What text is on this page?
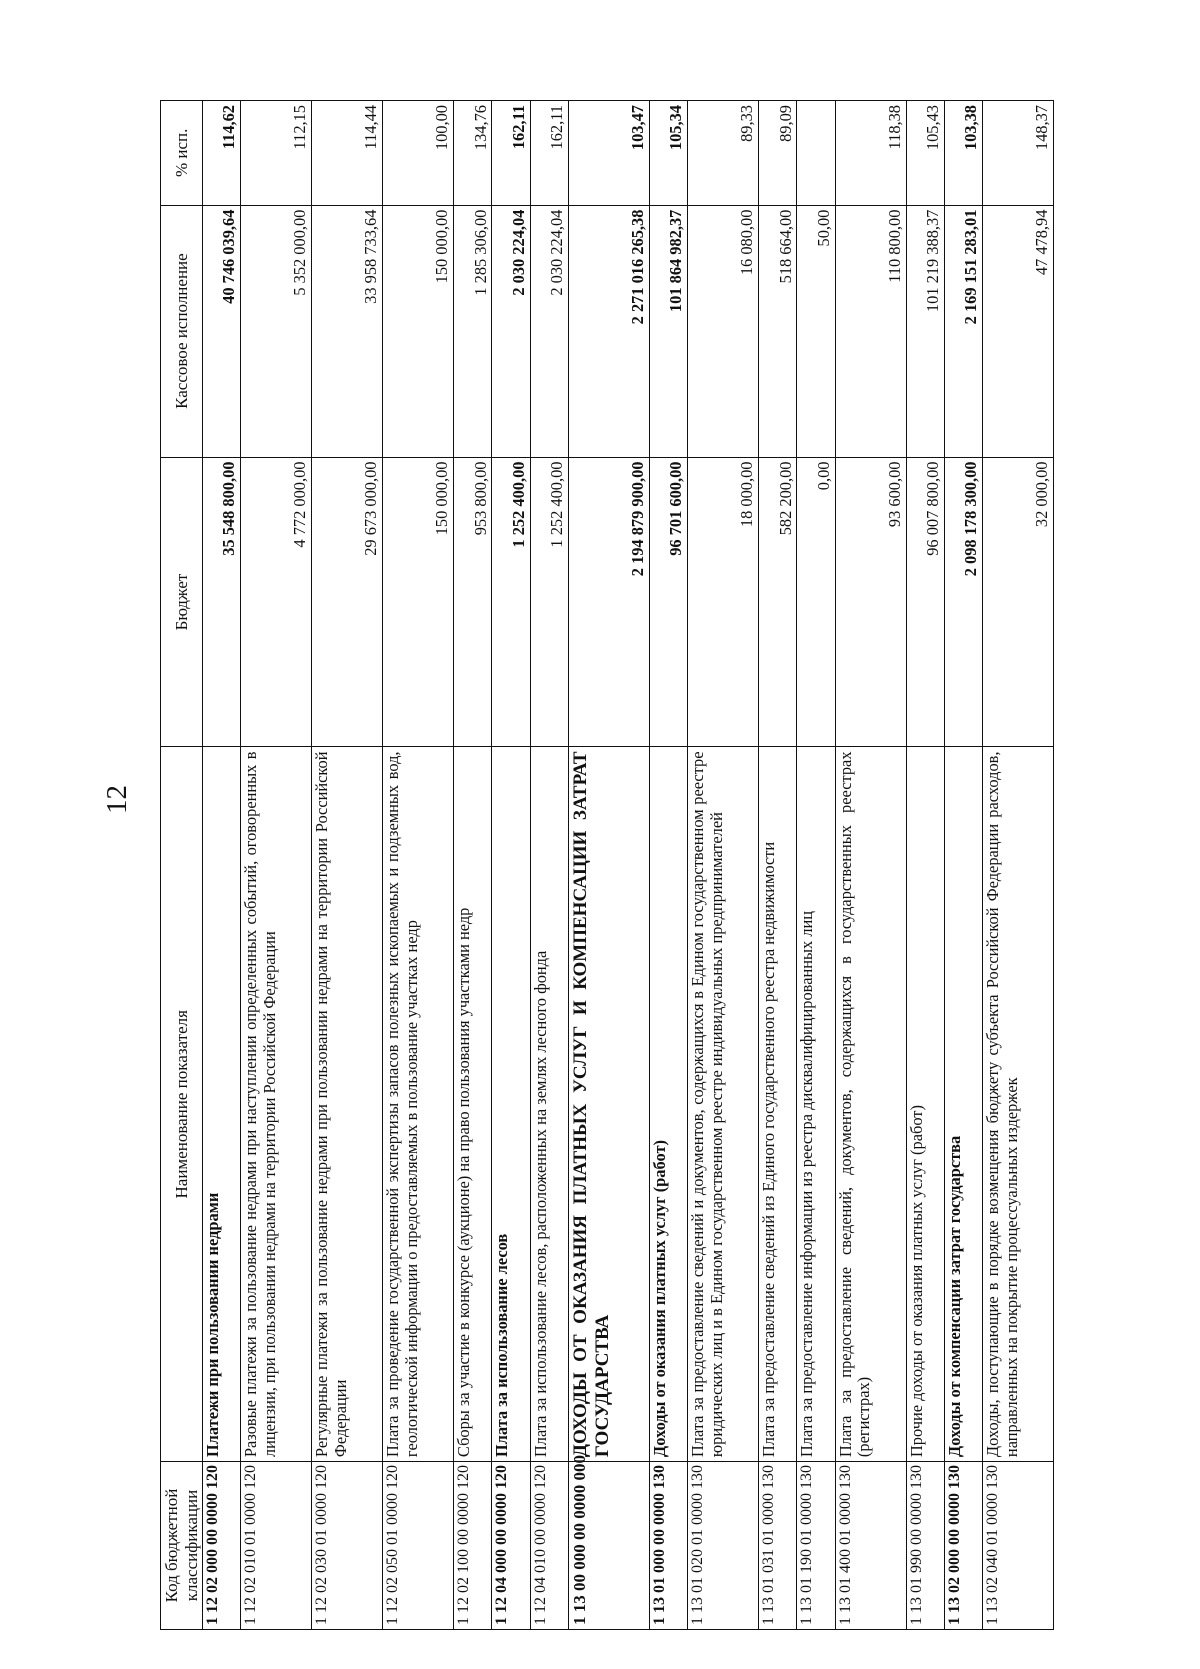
12
Код бюджетной классификации	Наименование показателя	Бюджет	Кассовое исполнение	% исп.
1 12 02 000 00 0000 120	Платежи при пользовании недрами	35 548 800,00	40 746 039,64	114,62
1 12 02 010 01 0000 120	Разовые платежи за пользование недрами при наступлении определенных событий, оговоренных в лицензии, при пользовании недрами на территории Российской Федерации	4 772 000,00	5 352 000,00	112,15
1 12 02 030 01 0000 120	Регулярные платежи за пользование недрами при пользовании недрами на территории Российской Федерации	29 673 000,00	33 958 733,64	114,44
1 12 02 050 01 0000 120	Плата за проведение государственной экспертизы запасов полезных ископаемых и подземных вод, геологической информации о предоставляемых в пользование участках недр	150 000,00	150 000,00	100,00
1 12 02 100 00 0000 120	Сборы за участие в конкурсе (аукционе) на право пользования участками недр	953 800,00	1 285 306,00	134,76
1 12 04 000 00 0000 120	Плата за использование лесов	1 252 400,00	2 030 224,04	162,11
1 12 04 010 00 0000 120	Плата за использование лесов, расположенных на землях лесного фонда	1 252 400,00	2 030 224,04	162,11
1 13 00 000 00 0000 000	ДОХОДЫ ОТ ОКАЗАНИЯ ПЛАТНЫХ УСЛУГ И КОМПЕНСАЦИИ ЗАТРАТ ГОСУДАРСТВА	2 194 879 900,00	2 271 016 265,38	103,47
1 13 01 000 00 0000 130	Доходы от оказания платных услуг (работ)	96 701 600,00	101 864 982,37	105,34
1 13 01 020 01 0000 130	Плата за предоставление сведений и документов, содержащихся в Едином государственном реестре юридических лиц и в Едином государственном реестре индивидуальных предпринимателей	18 000,00	16 080,00	89,33
1 13 01 031 01 0000 130	Плата за предоставление сведений из Единого государственного реестра недвижимости	582 200,00	518 664,00	89,09
1 13 01 190 01 0000 130	Плата за предоставление информации из реестра дисквалифицированных лиц	0,00	50,00	
1 13 01 400 01 0000 130	Плата за предоставление сведений, документов, содержащихся в государственных реестрах (регистрах)	93 600,00	110 800,00	118,38
1 13 01 990 00 0000 130	Прочие доходы от оказания платных услуг (работ)	96 007 800,00	101 219 388,37	105,43
1 13 02 000 00 0000 130	Доходы от компенсации затрат государства	2 098 178 300,00	2 169 151 283,01	103,38
1 13 02 040 01 0000 130	Доходы, поступающие в порядке возмещения бюджету субъекта Российской Федерации расходов, направленных на покрытие процессуальных издержек	32 000,00	47 478,94	148,37
